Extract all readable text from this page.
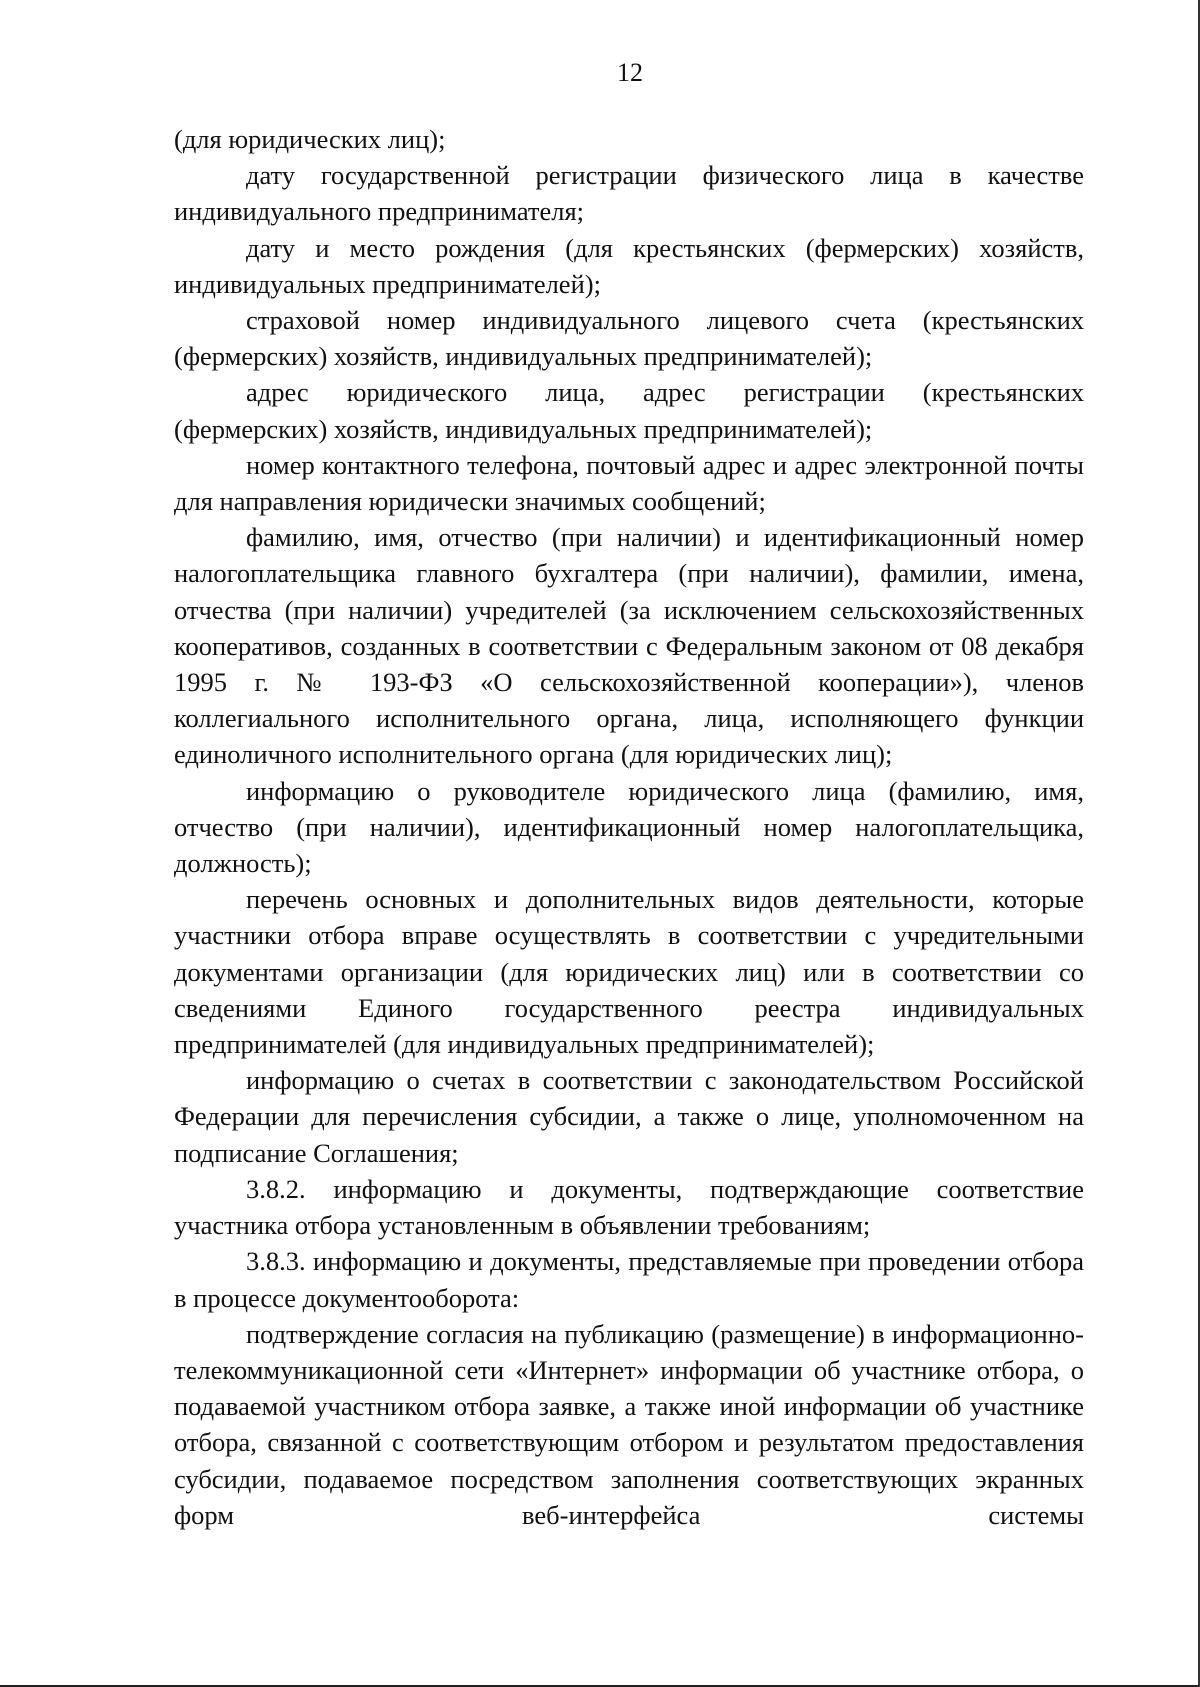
12

(для юридических лиц);

дату государственной регистрации физического лица в качестве индивидуального предпринимателя;

дату и место рождения (для крестьянских (фермерских) хозяйств, индивидуальных предпринимателей);

страховой номер индивидуального лицевого счета (крестьянских (фермерских) хозяйств, индивидуальных предпринимателей);

адрес юридического лица, адрес регистрации (крестьянских (фермерских) хозяйств, индивидуальных предпринимателей);

номер контактного телефона, почтовый адрес и адрес электронной почты для направления юридически значимых сообщений;

фамилию, имя, отчество (при наличии) и идентификационный номер налогоплательщика главного бухгалтера (при наличии), фамилии, имена, отчества (при наличии) учредителей (за исключением сельскохозяйственных кооперативов, созданных в соответствии с Федеральным законом от 08 декабря 1995 г. № 193-ФЗ «О сельскохозяйственной кооперации»), членов коллегиального исполнительного органа, лица, исполняющего функции единоличного исполнительного органа (для юридических лиц);

информацию о руководителе юридического лица (фамилию, имя, отчество (при наличии), идентификационный номер налогоплательщика, должность);

перечень основных и дополнительных видов деятельности, которые участники отбора вправе осуществлять в соответствии с учредительными документами организации (для юридических лиц) или в соответствии со сведениями Единого государственного реестра индивидуальных предпринимателей (для индивидуальных предпринимателей);

информацию о счетах в соответствии с законодательством Российской Федерации для перечисления субсидии, а также о лице, уполномоченном на подписание Соглашения;

3.8.2. информацию и документы, подтверждающие соответствие участника отбора установленным в объявлении требованиям;

3.8.3. информацию и документы, представляемые при проведении отбора в процессе документооборота:

подтверждение согласия на публикацию (размещение) в информационно-телекоммуникационной сети «Интернет» информации об участнике отбора, о подаваемой участником отбора заявке, а также иной информации об участнике отбора, связанной с соответствующим отбором и результатом предоставления субсидии, подаваемое посредством заполнения соответствующих экранных форм веб-интерфейса системы
